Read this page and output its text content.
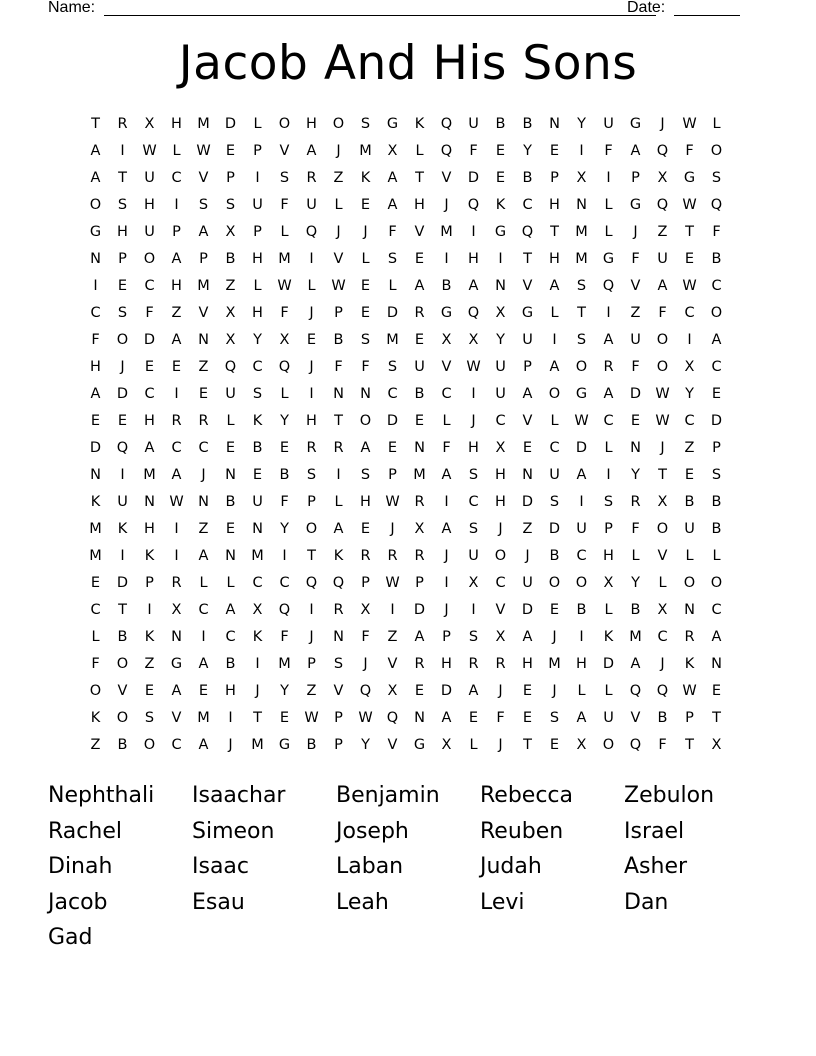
Name:	Date:
Jacob And His Sons
T	R	X	H	M	D	L	O	H	O	S	G	K	Q	U	B	B	N	Y	U	G	J	W	L
A	I	W	L	W	E	P	V	A	J	M	X	L	Q	F	E	Y	E	I	F	A	Q	F	O
A	T	U	C	V	P	I	S	R	Z	K	A	T	V	D	E	B	P	X	I	P	X	G	S
O	S	H	I	S	S	U	F	U	L	E	A	H	J	Q	K	C	H	N	L	G	Q W Q
G	H	U	P	A	X	P	L	Q	J	J	F	V	M	I	G	Q	T	M	L	J	Z	T	F
N	P	O	A	P	B	H	M	I	V	L	S	E	I	H	I	T	H	M	G	F	U	E	B
I	E	C	H	M	Z	L	W	L	W	E	L	A	B	A	N	V	A	S	Q	V	A	W	C
C	S	F	Z	V	X	H	F	J	P	E	D	R	G	Q	X	G	L	T	I	Z	F	C	O
F	O	D	A	N	X	Y	X	E	B	S	M	E	X	X	Y	U	I	S	A	U	O	I	A
H	J	E	E	Z	Q	C	Q	J	F	F	S	U	V	W	U	P	A	O	R	F	O	X	C
A	D	C	I	E	U	S	L	I	N	N	C	B	C	I	U	A	O	G	A	D W	Y	E
E	E	H	R	R	L	K	Y	H	T	O	D	E	L	J	C	V	L	W	C	E	W	C	D
D	Q	A	C	C	E	B	E	R	R	A	E	N	F	H	X	E	C	D	L	N	J	Z	P
N	I	M	A	J	N	E	B	S	I	S	P	M	A	S	H	N	U	A	I	Y	T	E	S
K	U	N W N	B	U	F	P	L	H W	R	I	C	H	D	S	I	S	R	X	B	B
M	K	H	I	Z	E	N	Y	O	A	E	J	X	A	S	J	Z	D	U	P	F	O	U	B
M	I	K	I	A	N	M	I	T	K	R	R	R	J	U	O	J	B	C	H	L	V	L	L
E	D	P	R	L	L	C	C	Q	Q	P	W	P	I	X	C	U	O	O	X	Y	L	O	O
C	T	I	X	C	A	X	Q	I	R	X	I	D	J	I	V	D	E	B	L	B	X	N	C
L	B	K	N	I	C	K	F	J	N	F	Z	A	P	S	X	A	J	I	K	M	C	R	A
F	O	Z	G	A	B	I	M	P	S	J	V	R	H	R	R	H	M	H	D	A	J	K	N
O	V	E	A	E	H	J	Y	Z	V	Q	X	E	D	A	J	E	J	L	L	Q	Q W	E
K	O	S	V	M	I	T	E	W	P	W Q	N	A	E	F	E	S	A	U	V	B	P	T
Z	B	O	C	A	J	M	G	B	P	Y	V	G	X	L	J	T	E	X	O	Q	F	T	X
Nephthali	Isaachar	Benjamin	Rebecca	Zebulon
Rachel	Simeon	Joseph	Reuben	Israel
Dinah	Isaac	Laban	Judah	Asher
Jacob	Esau	Leah	Levi	Dan
Gad
